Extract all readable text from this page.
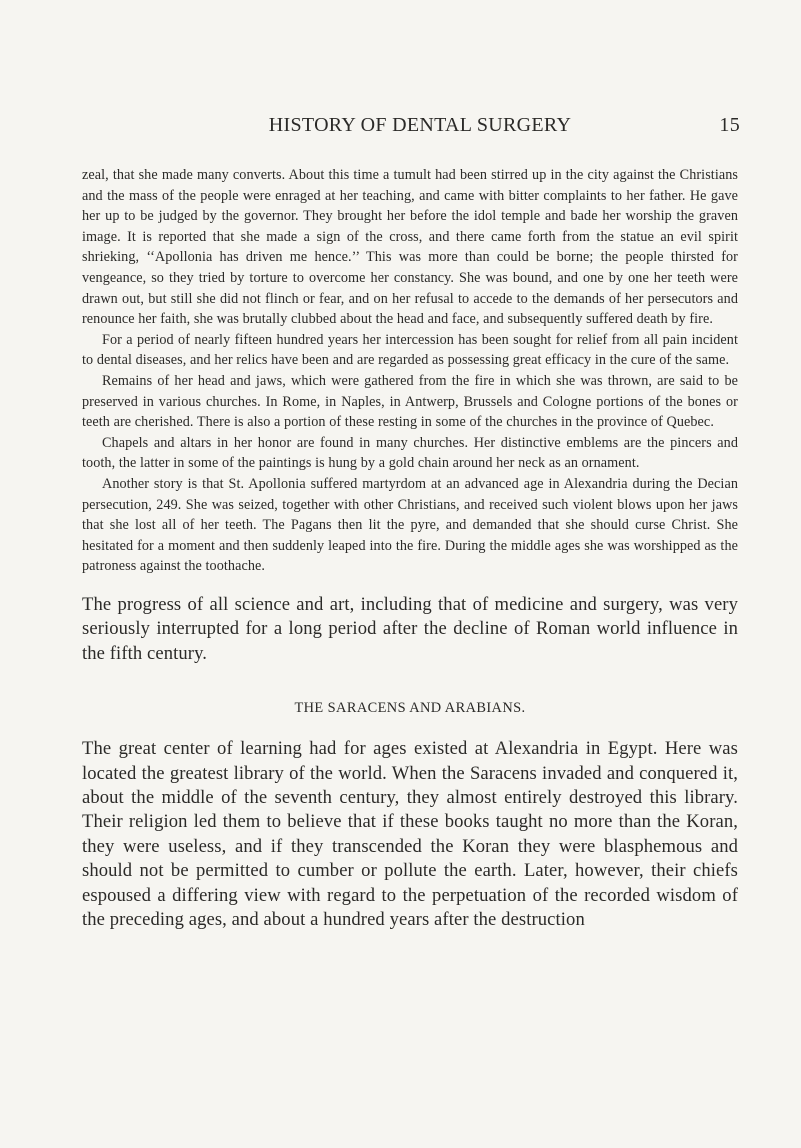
HISTORY OF DENTAL SURGERY	15

zeal, that she made many converts. About this time a tumult had been stirred up in the city against the Christians and the mass of the people were enraged at her teaching, and came with bitter complaints to her father. He gave her up to be judged by the governor. They brought her before the idol temple and bade her worship the graven image. It is reported that she made a sign of the cross, and there came forth from the statue an evil spirit shrieking, ‘‘Apollonia has driven me hence.’’ This was more than could be borne; the people thirsted for vengeance, so they tried by torture to overcome her constancy. She was bound, and one by one her teeth were drawn out, but still she did not flinch or fear, and on her refusal to accede to the demands of her persecutors and renounce her faith, she was brutally clubbed about the head and face, and subsequently suffered death by fire.

For a period of nearly fifteen hundred years her intercession has been sought for relief from all pain incident to dental diseases, and her relics have been and are regarded as possessing great efficacy in the cure of the same.

Remains of her head and jaws, which were gathered from the fire in which she was thrown, are said to be preserved in various churches. In Rome, in Naples, in Antwerp, Brussels and Cologne portions of the bones or teeth are cherished. There is also a portion of these resting in some of the churches in the province of Quebec.

Chapels and altars in her honor are found in many churches. Her distinctive emblems are the pincers and tooth, the latter in some of the paintings is hung by a gold chain around her neck as an ornament.

Another story is that St. Apollonia suffered martyrdom at an advanced age in Alexandria during the Decian persecution, 249. She was seized, together with other Christians, and received such violent blows upon her jaws that she lost all of her teeth. The Pagans then lit the pyre, and demanded that she should curse Christ. She hesitated for a moment and then suddenly leaped into the fire. During the middle ages she was worshipped as the patroness against the toothache.

The progress of all science and art, including that of medicine and surgery, was very seriously interrupted for a long period after the decline of Roman world influence in the fifth century.

THE SARACENS AND ARABIANS.

The great center of learning had for ages existed at Alexandria in Egypt. Here was located the greatest library of the world. When the Saracens invaded and conquered it, about the middle of the seventh century, they almost entirely destroyed this library. Their religion led them to believe that if these books taught no more than the Koran, they were useless, and if they transcended the Koran they were blasphemous and should not be permitted to cumber or pollute the earth. Later, however, their chiefs espoused a differing view with regard to the perpetuation of the recorded wisdom of the preceding ages, and about a hundred years after the destruction
